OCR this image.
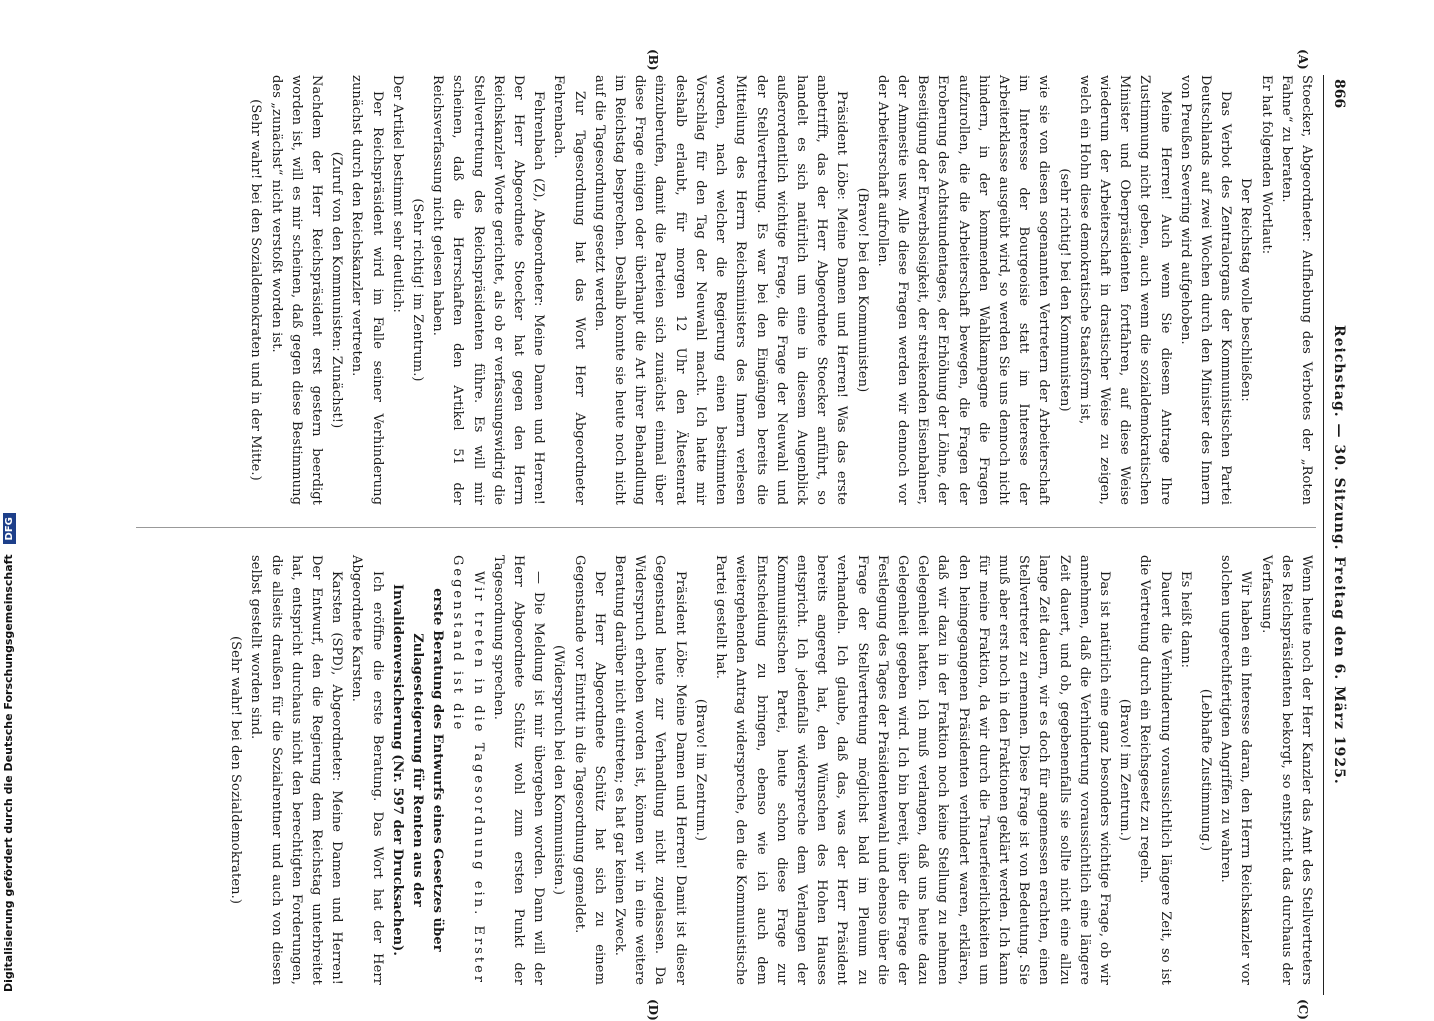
866
Reichstag. — 30. Sitzung. Freitag den 6. März 1925.
(A)
(B)
(C)
(D)

Stoecker, Abgeordneter: Aufhebung des Verbotes der „Roten Fahne“ zu beraten.

Er hat folgenden Wortlaut:

Der Reichstag wolle beschließen:

Das Verbot des Zentralorgans der Kommunistischen Partei Deutschlands auf zwei Wochen durch den Minister des Innern von Preußen Severing wird aufgehoben.

Meine Herren! Auch wenn Sie diesem Antrage Ihre Zustimmung nicht geben, auch wenn die sozialdemokratischen Minister und Oberpräsidenten fortfahren, auf diese Weise wiederum der Arbeiterschaft in drastischer Weise zu zeigen, welch ein Hohn diese demokratische Staatsform ist,

(sehr richtig! bei den Kommunisten)

wie sie von diesen sogenannten Vertretern der Arbeiterschaft im Interesse der Bourgeoisie statt im Interesse der Arbeiterklasse ausgeübt wird, so werden Sie uns dennoch nicht hindern, in der kommenden Wahlkampagne die Fragen aufzurollen, die die Arbeiterschaft bewegen, die Fragen der Eroberung des Achtstundentages, der Erhöhung der Löhne, der Beseitigung der Erwerbslosigkeit, der streikenden Eisenbahner, der Amnestie usw. Alle diese Fragen werden wir dennoch vor der Arbeiterschaft aufrollen.

(Bravo! bei den Kommunisten)

Präsident Löbe: Meine Damen und Herren! Was das erste anbetrifft, das der Herr Abgeordnete Stoecker anführt, so handelt es sich natürlich um eine in diesem Augenblick außerordentlich wichtige Frage, die Frage der Neuwahl und der Stellvertretung. Es war bei den Eingängen bereits die Mitteilung des Herrn Reichsministers des Innern verlesen worden, nach welcher die Regierung einen bestimmten Vorschlag für den Tag der Neuwahl macht. Ich hatte mir deshalb erlaubt, für morgen 12 Uhr den Ältestenrat einzuberufen, damit die Parteien sich zunächst einmal über diese Frage einigen oder überhaupt die Art ihrer Behandlung im Reichstag besprechen. Deshalb konnte sie heute noch nicht auf die Tagesordnung gesetzt werden.

Zur Tagesordnung hat das Wort Herr Abgeordneter Fehrenbach.

Fehrenbach (Z), Abgeordneter: Meine Damen und Herren! Der Herr Abgeordnete Stoecker hat gegen den Herrn Reichskanzler Worte gerichtet, als ob er verfassungswidrig die Stellvertretung des Reichspräsidenten führe. Es will mir scheinen, daß die Herrschaften den Artikel 51 der Reichsverfassung nicht gelesen haben.

(Sehr richtig! im Zentrum.)

Der Artikel bestimmt sehr deutlich:

Der Reichspräsident wird im Falle seiner Verhinderung zunächst durch den Reichskanzler vertreten.

(Zuruf von den Kommunisten: Zunächst!)

Nachdem der Herr Reichspräsident erst gestern beerdigt worden ist, will es mir scheinen, daß gegen diese Bestimmung des „zunächst“ nicht verstoßt worden ist.

(Sehr wahr! bei den Sozialdemokraten und in der Mitte.)

Wenn heute noch der Herr Kanzler das Amt des Stellvertreters des Reichspräsidenten bekorgt, so entspricht das durchaus der Verfassung.

Wir haben ein Interesse daran, den Herrn Reichskanzler vor solchen ungerechtfertigten Angriffen zu wahren.

(Lebhafte Zustimmung.)

Es heißt dann:

Dauert die Verhinderung voraussichtlich längere Zeit, so ist die Vertretung durch ein Reichsgesetz zu regeln.

(Bravo! im Zentrum.)

Das ist natürlich eine ganz besonders wichtige Frage, ob wir annehmen, daß die Verhinderung voraussichtlich eine längere Zeit dauert, und ob, gegebenenfalls sie sollte nicht eine allzu lange Zeit dauern, wir es doch für angemessen erachten, einen Stellvertreter zu ernennen. Diese Frage ist von Bedeutung. Sie muß aber erst noch in den Fraktionen geklärt werden. Ich kann für meine Fraktion, da wir durch die Trauerfeierlichkeiten um den heimgegangenen Präsidenten verhindert waren, erklären, daß wir dazu in der Fraktion noch keine Stellung zu nehmen Gelegenheit hatten. Ich muß verlangen, daß uns heute dazu Gelegenheit gegeben wird. Ich bin bereit, über die Frage der Festlegung des Tages der Präsidentenwahl und ebenso über die Frage der Stellvertretung möglichst bald im Plenum zu verhandeln. Ich glaube, daß das, was der Herr Präsident bereits angeregt hat, den Wünschen des Hohen Hauses entspricht. Ich jedenfalls widerspreche dem Verlangen der Kommunistischen Partei, heute schon diese Frage zur Entscheidung zu bringen, ebenso wie ich auch dem weitergehenden Antrag widerspreche, den die Kommunistische Partei gestellt hat.

(Bravo! im Zentrum.)

Präsident Löbe: Meine Damen und Herren! Damit ist dieser Gegenstand heute zur Verhandlung nicht zugelassen. Da Widerspruch erhoben worden ist, können wir in eine weitere Beratung darüber nicht eintreten; es hat gar keinen Zweck.

Der Herr Abgeordnete Schütz hat sich zu einem Gegenstande vor Eintritt in die Tagesordnung gemeldet.

(Widerspruch bei den Kommunisten.)

— Die Meldung ist mir übergeben worden. Dann will der Herr Abgeordnete Schütz wohl zum ersten Punkt der Tagesordnung sprechen.

Wir treten in die Tagesordnung ein. Erster Gegenstand ist die

erste Beratung des Entwurfs eines Gesetzes über Zulagesteigerung für Renten aus der Invalidenversicherung (Nr. 597 der Drucksachen).

Ich eröffne die erste Beratung. Das Wort hat der Herr Abgeordnete Karsten.

Karsten (SPD), Abgeordneter: Meine Damen und Herren! Der Entwurf, den die Regierung dem Reichstag unterbreitet hat, entspricht durchaus nicht den berechtigten Forderungen, die allseits draußen für die Sozialrentner und auch von diesen selbst gestellt worden sind.

(Sehr wahr! bei den Sozialdemokraten.)

Digitalisierung gefördert durch die Deutsche Forschungsgemeinschaft DFG
